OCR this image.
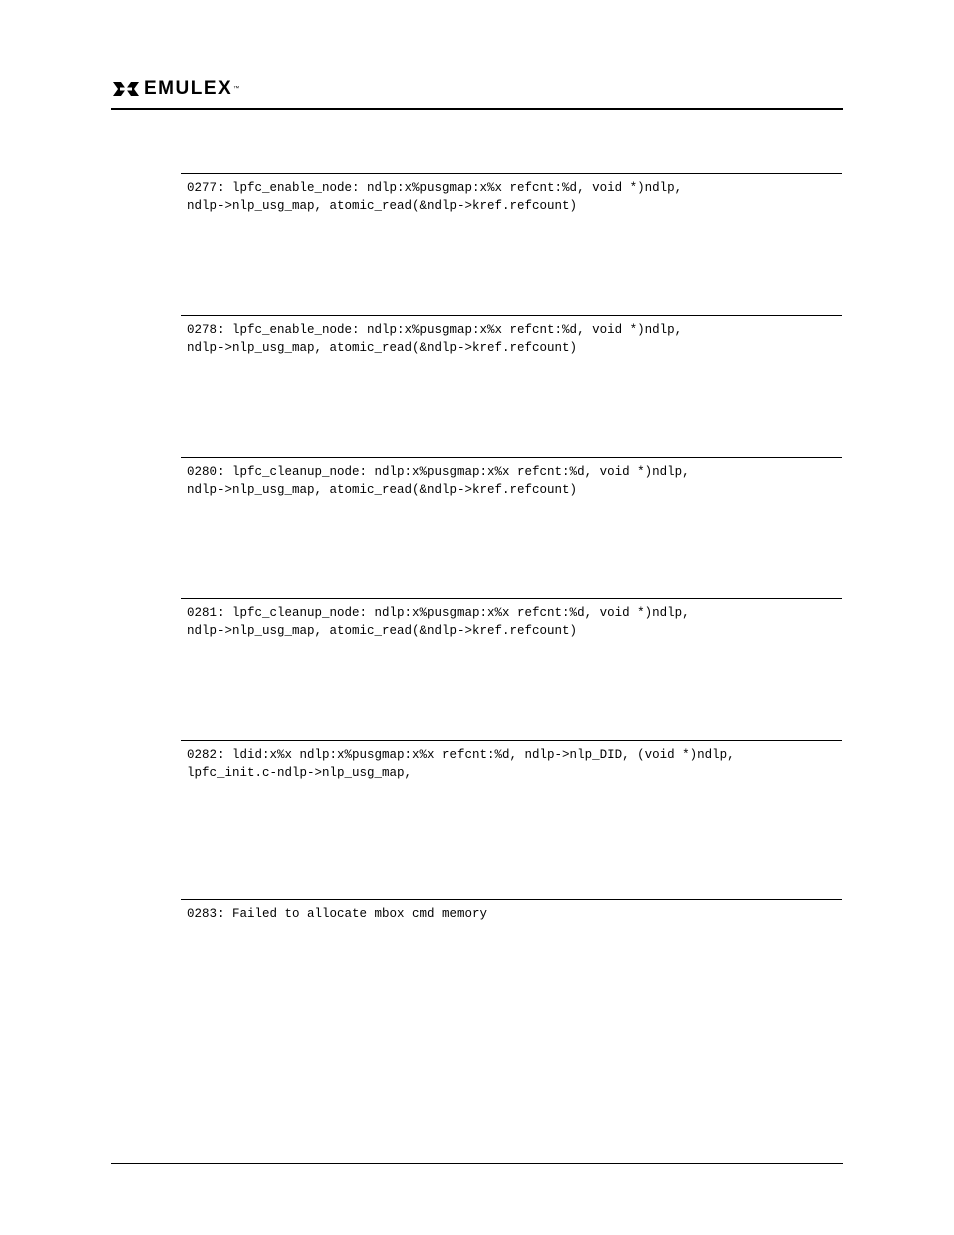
EMULEX ™
0277: lpfc_enable_node: ndlp:x%pusgmap:x%x refcnt:%d, void *)ndlp,
ndlp->nlp_usg_map, atomic_read(&ndlp->kref.refcount)
0278: lpfc_enable_node: ndlp:x%pusgmap:x%x refcnt:%d, void *)ndlp,
ndlp->nlp_usg_map, atomic_read(&ndlp->kref.refcount)
0280: lpfc_cleanup_node: ndlp:x%pusgmap:x%x refcnt:%d, void *)ndlp,
ndlp->nlp_usg_map, atomic_read(&ndlp->kref.refcount)
0281: lpfc_cleanup_node: ndlp:x%pusgmap:x%x refcnt:%d, void *)ndlp,
ndlp->nlp_usg_map, atomic_read(&ndlp->kref.refcount)
0282: ldid:x%x ndlp:x%pusgmap:x%x refcnt:%d, ndlp->nlp_DID, (void *)ndlp,
lpfc_init.c-ndlp->nlp_usg_map,
0283: Failed to allocate mbox cmd memory
